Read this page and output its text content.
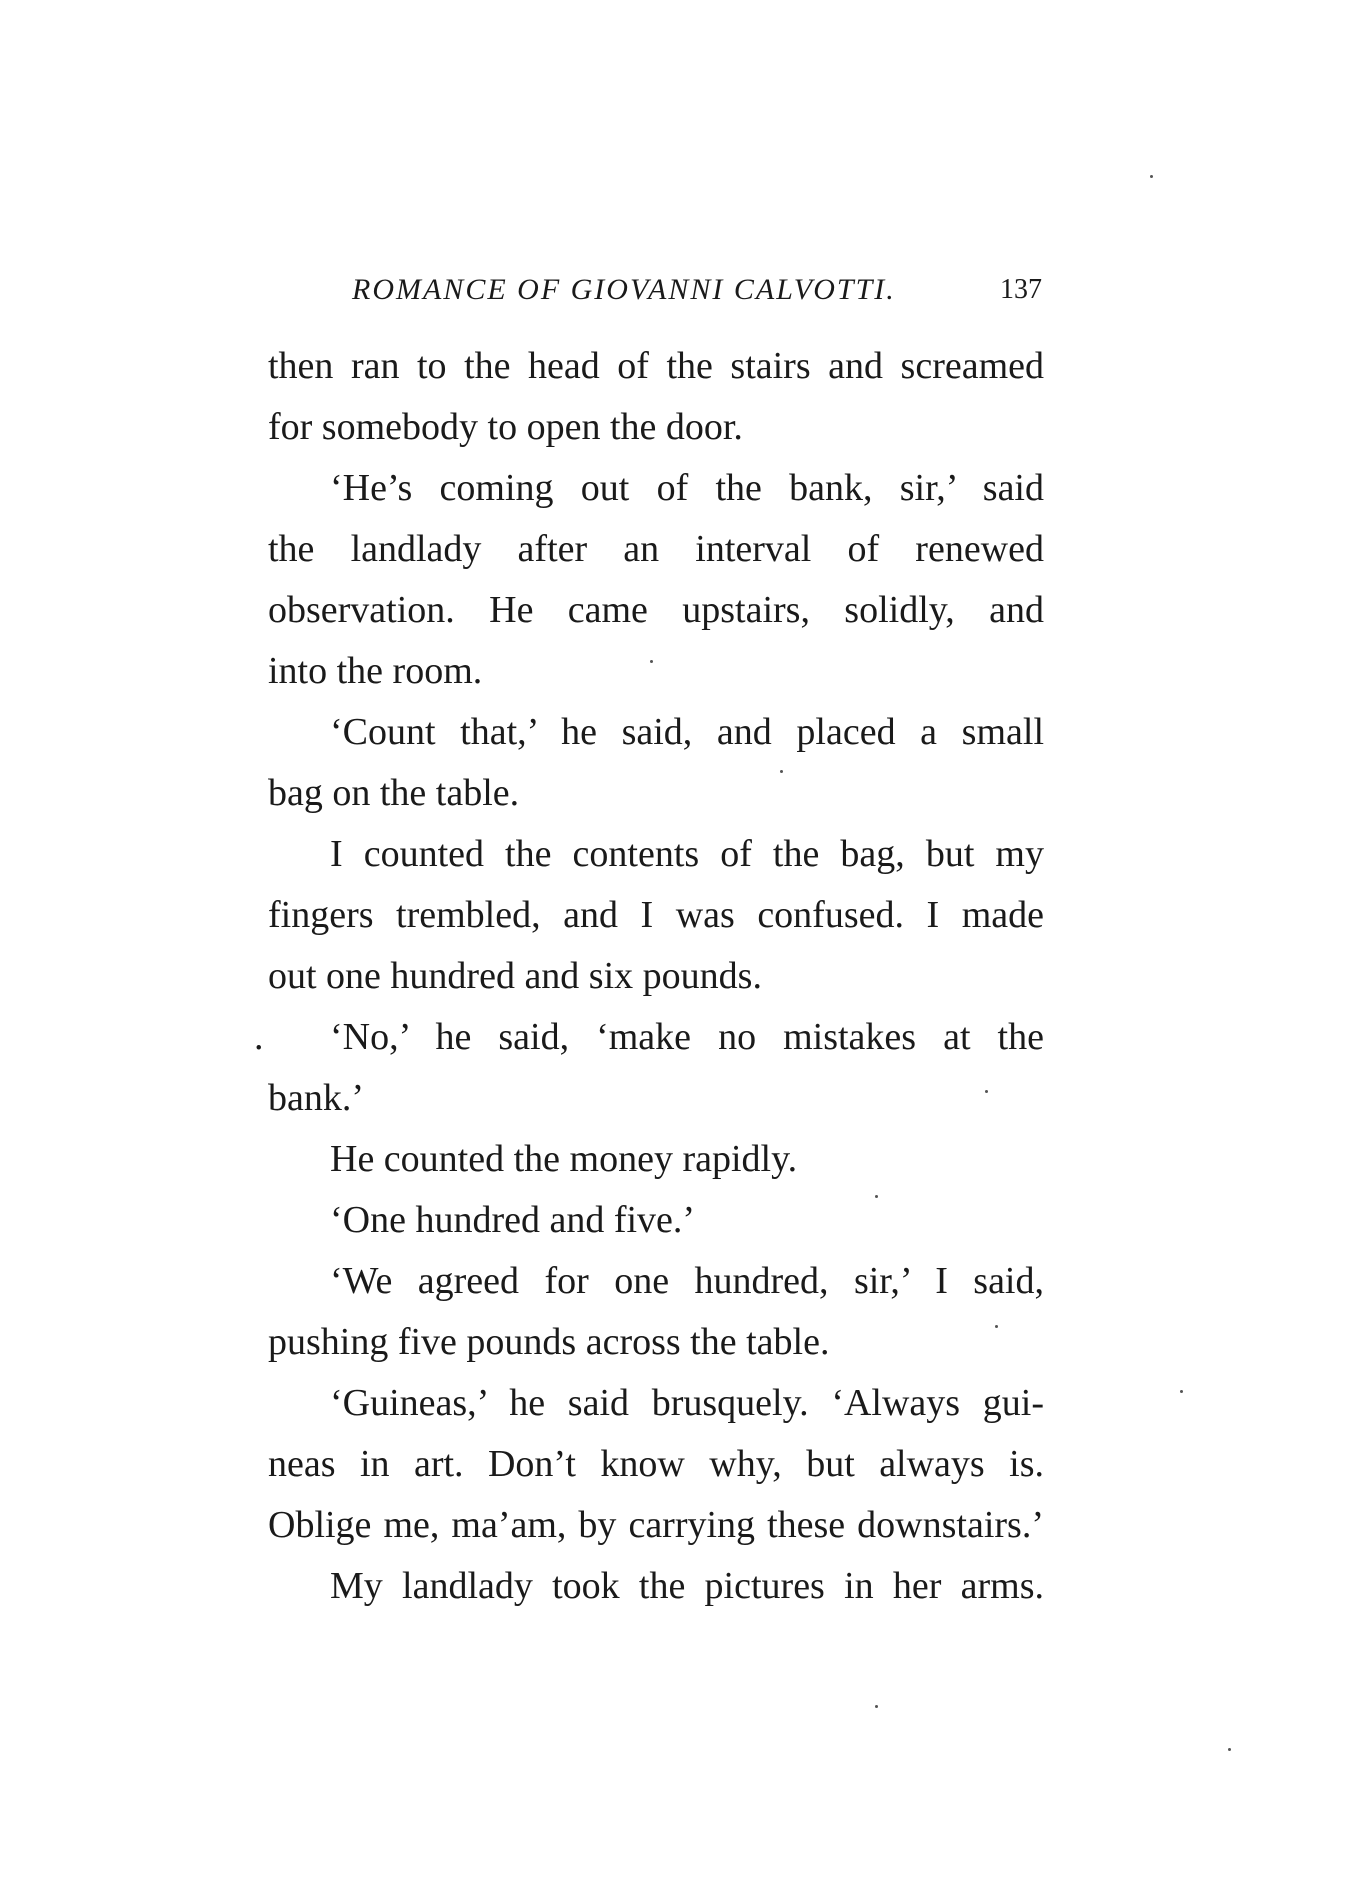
ROMANCE OF GIOVANNI CALVOTTI.	137
then ran to the head of the stairs and screamed
for somebody to open the door.
‘He’s coming out of the bank, sir,’ said
the landlady after an interval of renewed
observation. He came upstairs, solidly, and
into the room.
‘Count that,’ he said, and placed a small
bag on the table.
I counted the contents of the bag, but my
fingers trembled, and I was confused. I made
out one hundred and six pounds.
. ‘No,’ he said, ‘make no mistakes at the
bank.’
He counted the money rapidly.
‘One hundred and five.’
‘We agreed for one hundred, sir,’ I said,
pushing five pounds across the table.
‘Guineas,’ he said brusquely. ‘Always gui-
neas in art. Don’t know why, but always is.
Oblige me, ma’am, by carrying these downstairs.’
My landlady took the pictures in her arms.
